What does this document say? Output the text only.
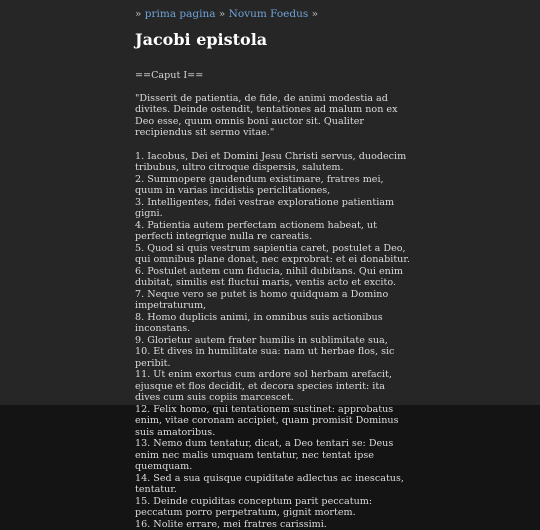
» prima pagina » Novum Foedus »
Jacobi epistola
==Caput I==
"Disserit de patientia, de fide, de animi modestia ad divites. Deinde ostendit, tentationes ad malum non ex Deo esse, quum omnis boni auctor sit. Qualiter recipiendus sit sermo vitae."
1. Iacobus, Dei et Domini Jesu Christi servus, duodecim tribubus, ultro citroque dispersis, salutem.
2. Summopere gaudendum existimare, fratres mei, quum in varias incidistis periclitationes,
3. Intelligentes, fidei vestrae exploratione patientiam gigni.
4. Patientia autem perfectam actionem habeat, ut perfecti integrique nulla re careatis.
5. Quod si quis vestrum sapientia caret, postulet a Deo, qui omnibus plane donat, nec exprobrat: et ei donabitur.
6. Postulet autem cum fiducia, nihil dubitans. Qui enim dubitat, similis est fluctui maris, ventis acto et excito.
7. Neque vero se putet is homo quidquam a Domino impetraturum,
8. Homo duplicis animi, in omnibus suis actionibus inconstans.
9. Glorietur autem frater humilis in sublimitate sua,
10. Et dives in humilitate sua: nam ut herbae flos, sic peribit.
11. Ut enim exortus cum ardore sol herbam arefacit, ejusque et flos decidit, et decora species interit: ita dives cum suis copiis marcescet.
12. Felix homo, qui tentationem sustinet: approbatus enim, vitae coronam accipiet, quam promisit Dominus suis amatoribus.
13. Nemo dum tentatur, dicat, a Deo tentari se: Deus enim nec malis umquam tentatur, nec tentat ipse quemquam.
14. Sed a sua quisque cupiditate adlectus ac inescatus, tentatur.
15. Deinde cupiditas conceptum parit peccatum: peccatum porro perpetratum, gignit mortem.
16. Nolite errare, mei fratres carissimi.
